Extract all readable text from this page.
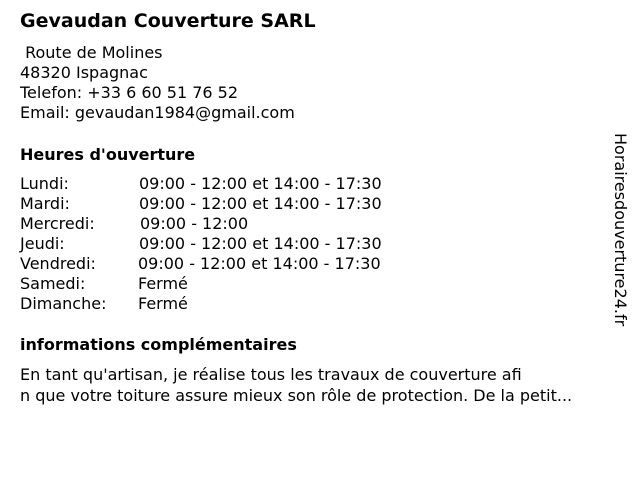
Gevaudan Couverture SARL
Route de Molines
48320 Ispagnac
Telefon: +33 6 60 51 76 52
Email: gevaudan1984@gmail.com
Heures d'ouverture
Lundi:	09:00 - 12:00 et 14:00 - 17:30
Mardi:	09:00 - 12:00 et 14:00 - 17:30
Mercredi:	09:00 - 12:00
Jeudi:	09:00 - 12:00 et 14:00 - 17:30
Vendredi:	09:00 - 12:00 et 14:00 - 17:30
Samedi:	Fermé
Dimanche: Fermé
informations complémentaires
En tant qu'artisan, je réalise tous les travaux de couverture afi
n que votre toiture assure mieux son rôle de protection. De la petit...
Horairesdouverture24.fr
